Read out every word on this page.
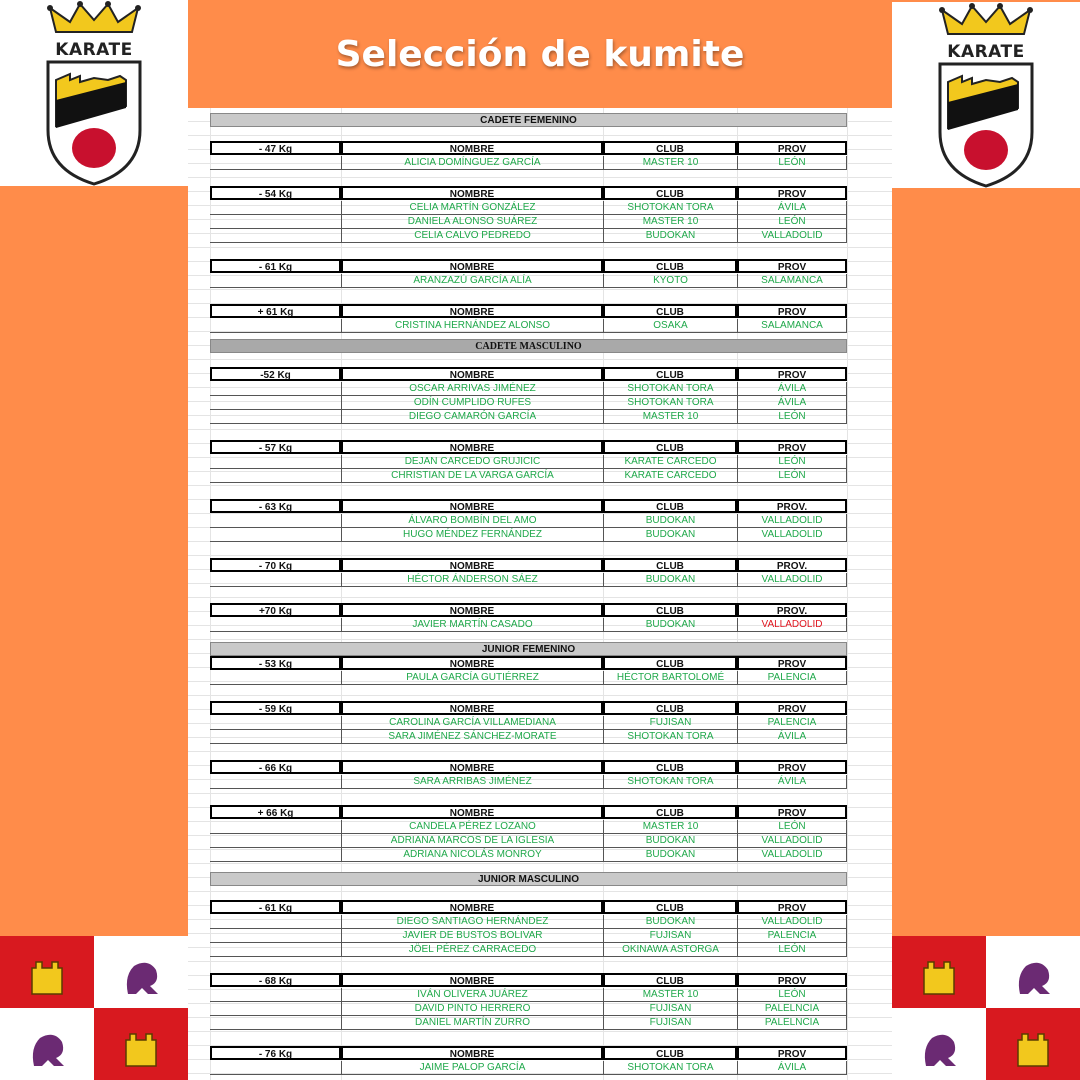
Selección de kumite
KARATE	KARATE
CADETE FEMENINO
- 47 Kg	NOMBRE	CLUB	PROV
ALICIA DOMÍNGUEZ GARCÍA	MASTER 10	LEÓN
- 54 Kg	NOMBRE	CLUB	PROV
CELIA MARTÍN GONZÁLEZ	SHOTOKAN TORA	ÁVILA
DANIELA ALONSO SUÁREZ	MASTER 10	LEÓN
CELIA CALVO PEDREDO	BUDOKAN	VALLADOLID
- 61 Kg	NOMBRE	CLUB	PROV
ARANZAZÚ GARCÍA ALÍA	KYOTO	SALAMANCA
+ 61 Kg	NOMBRE	CLUB	PROV
CRISTINA HERNÁNDEZ ALONSO	OSAKA	SALAMANCA
CADETE MASCULINO
-52 Kg	NOMBRE	CLUB	PROV
OSCAR ARRIVAS JIMÉNEZ	SHOTOKAN TORA	ÁVILA
ODÍN CUMPLIDO RUFES	SHOTOKAN TORA	ÁVILA
DIEGO CAMARÓN GARCÍA	MASTER 10	LEÓN
- 57 Kg	NOMBRE	CLUB	PROV
DEJAN CARCEDO GRUJICIC	KARATE CARCEDO	LEÓN
CHRISTIAN DE LA VARGA GARCÍA	KARATE CARCEDO	LEÓN
- 63 Kg	NOMBRE	CLUB	PROV.
ÁLVARO BOMBÍN DEL AMO	BUDOKAN	VALLADOLID
HUGO MÉNDEZ FERNÁNDEZ	BUDOKAN	VALLADOLID
- 70 Kg	NOMBRE	CLUB	PROV.
HÉCTOR ÁNDERSON SÁEZ	BUDOKAN	VALLADOLID
+70 Kg	NOMBRE	CLUB	PROV.
JAVIER MARTÍN CASADO	BUDOKAN	VALLADOLID
JUNIOR FEMENINO
- 53 Kg	NOMBRE	CLUB	PROV
PAULA GARCÍA GUTIÉRREZ	HÉCTOR BARTOLOMÉ	PALENCIA
- 59 Kg	NOMBRE	CLUB	PROV
CAROLINA GARCÍA VILLAMEDIANA	FUJISAN	PALENCIA
SARA JIMÉNEZ SÁNCHEZ-MORATE	SHOTOKAN TORA	ÁVILA
- 66 Kg	NOMBRE	CLUB	PROV
SARA ARRIBAS JIMÉNEZ	SHOTOKAN TORA	ÁVILA
+ 66 Kg	NOMBRE	CLUB	PROV
CANDELA PÉREZ LOZANO	MASTER 10	LEÓN
ADRIANA MARCOS DE LA IGLESIA	BUDOKAN	VALLADOLID
ADRIANA NICOLÁS MONROY	BUDOKAN	VALLADOLID
JUNIOR MASCULINO
- 61 Kg	NOMBRE	CLUB	PROV
DIEGO SANTIAGO HERNÁNDEZ	BUDOKAN	VALLADOLID
JAVIER DE BUSTOS BOLIVAR	FUJISAN	PALENCIA
JÖEL PÉREZ CARRACEDO	OKINAWA ASTORGA	LEÓN
- 68 Kg	NOMBRE	CLUB	PROV
IVÁN OLIVERA JUÁREZ	MASTER 10	LEÓN
DAVID PINTO HERRERO	FUJISAN	PALELNCIA
DANIEL MARTÍN ZURRO	FUJISAN	PALELNCIA
- 76 Kg	NOMBRE	CLUB	PROV
JAIME PALOP GARCÍA	SHOTOKAN TORA	ÁVILA
